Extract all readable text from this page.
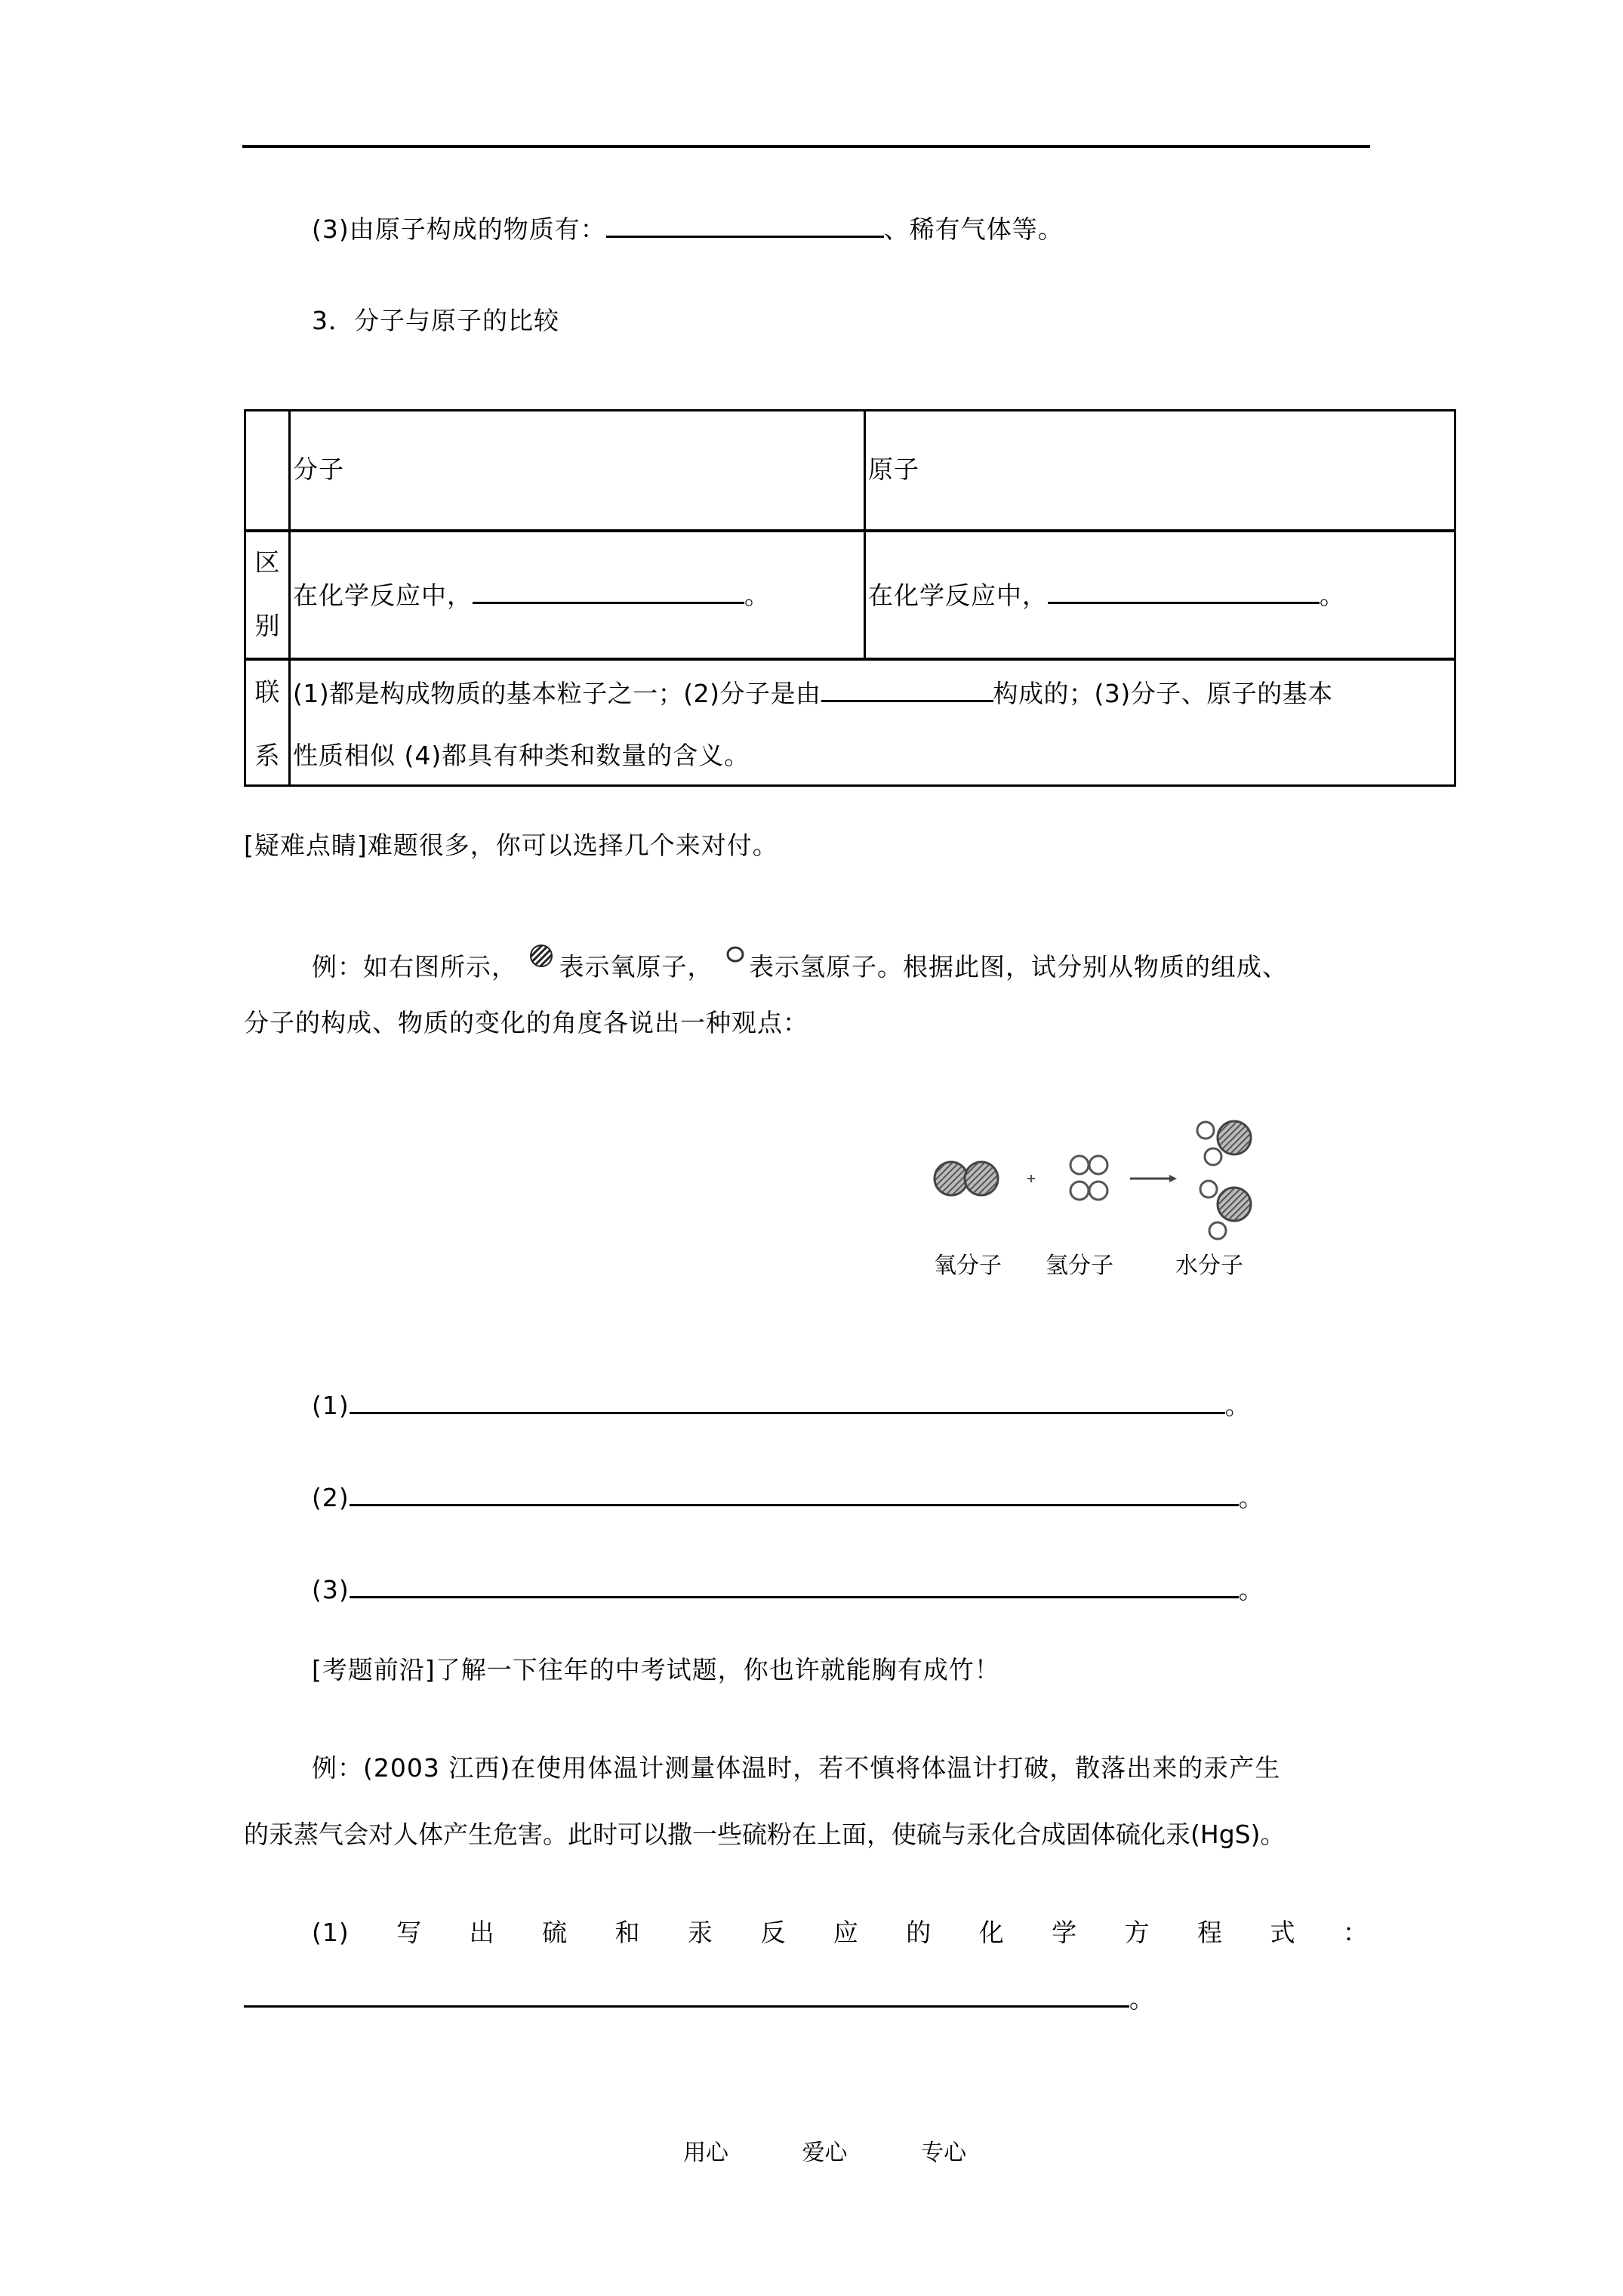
(3)由原子构成的物质有：	、稀有气体等。
3．分子与原子的比较
分子	原子
区
别
在化学反应中，	。	在化学反应中，	。
联
系
(1)都是构成物质的基本粒子之一；(2)分子是由	构成的；(3)分子、原子的基本
性质相似 (4)都具有种类和数量的含义。
[疑难点睛]难题很多，你可以选择几个来对付。
例：如右图所示， 表示氧原子， 表示氢原子。根据此图，试分别从物质的组成、
分子的构成、物质的变化的角度各说出一种观点：
氧分子 氢分子	水分子
(1)	。
(2)	。
(3)	。
[考题前沿]了解一下往年的中考试题，你也许就能胸有成竹！
例：(2003 江西)在使用体温计测量体温时，若不慎将体温计打破，散落出来的汞产生
的汞蒸气会对人体产生危害。此时可以撒一些硫粉在上面，使硫与汞化合成固体硫化汞(HgS)。
(1) 写 出 硫 和 汞 反 应 的 化 学 方 程 式 ：
。
用心	爱心	专心
